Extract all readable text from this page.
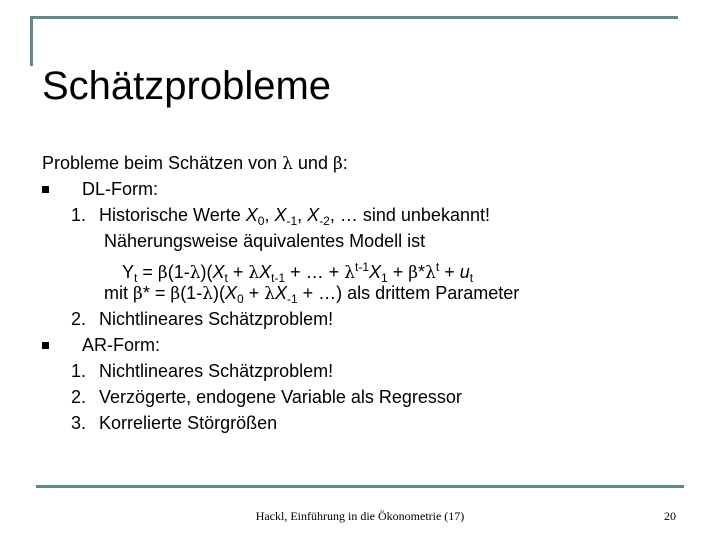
Schätzprobleme
Probleme beim Schätzen von λ und β:
DL-Form:
1. Historische Werte $X_0$, $X_{-1}$, $X_{-2}$, … sind unbekannt!
Näherungsweise äquivalentes Modell ist
$Y_t = \beta(1-\lambda)(X_t + \lambda X_{t-1}$ + … + $\lambda^{t-1}X_1 + \beta*\lambda^t + u_t$
mit $\beta* = \beta(1-\lambda)(X_0 + \lambda X_{-1}$ + …) als drittem Parameter
2. Nichtlineares Schätzproblem!
AR-Form:
1. Nichtlineares Schätzproblem!
2. Verzögerte, endogene Variable als Regressor
3. Korrelierte Störgrößen
Hackl, Einführung in die Ökonometrie (17)	20
